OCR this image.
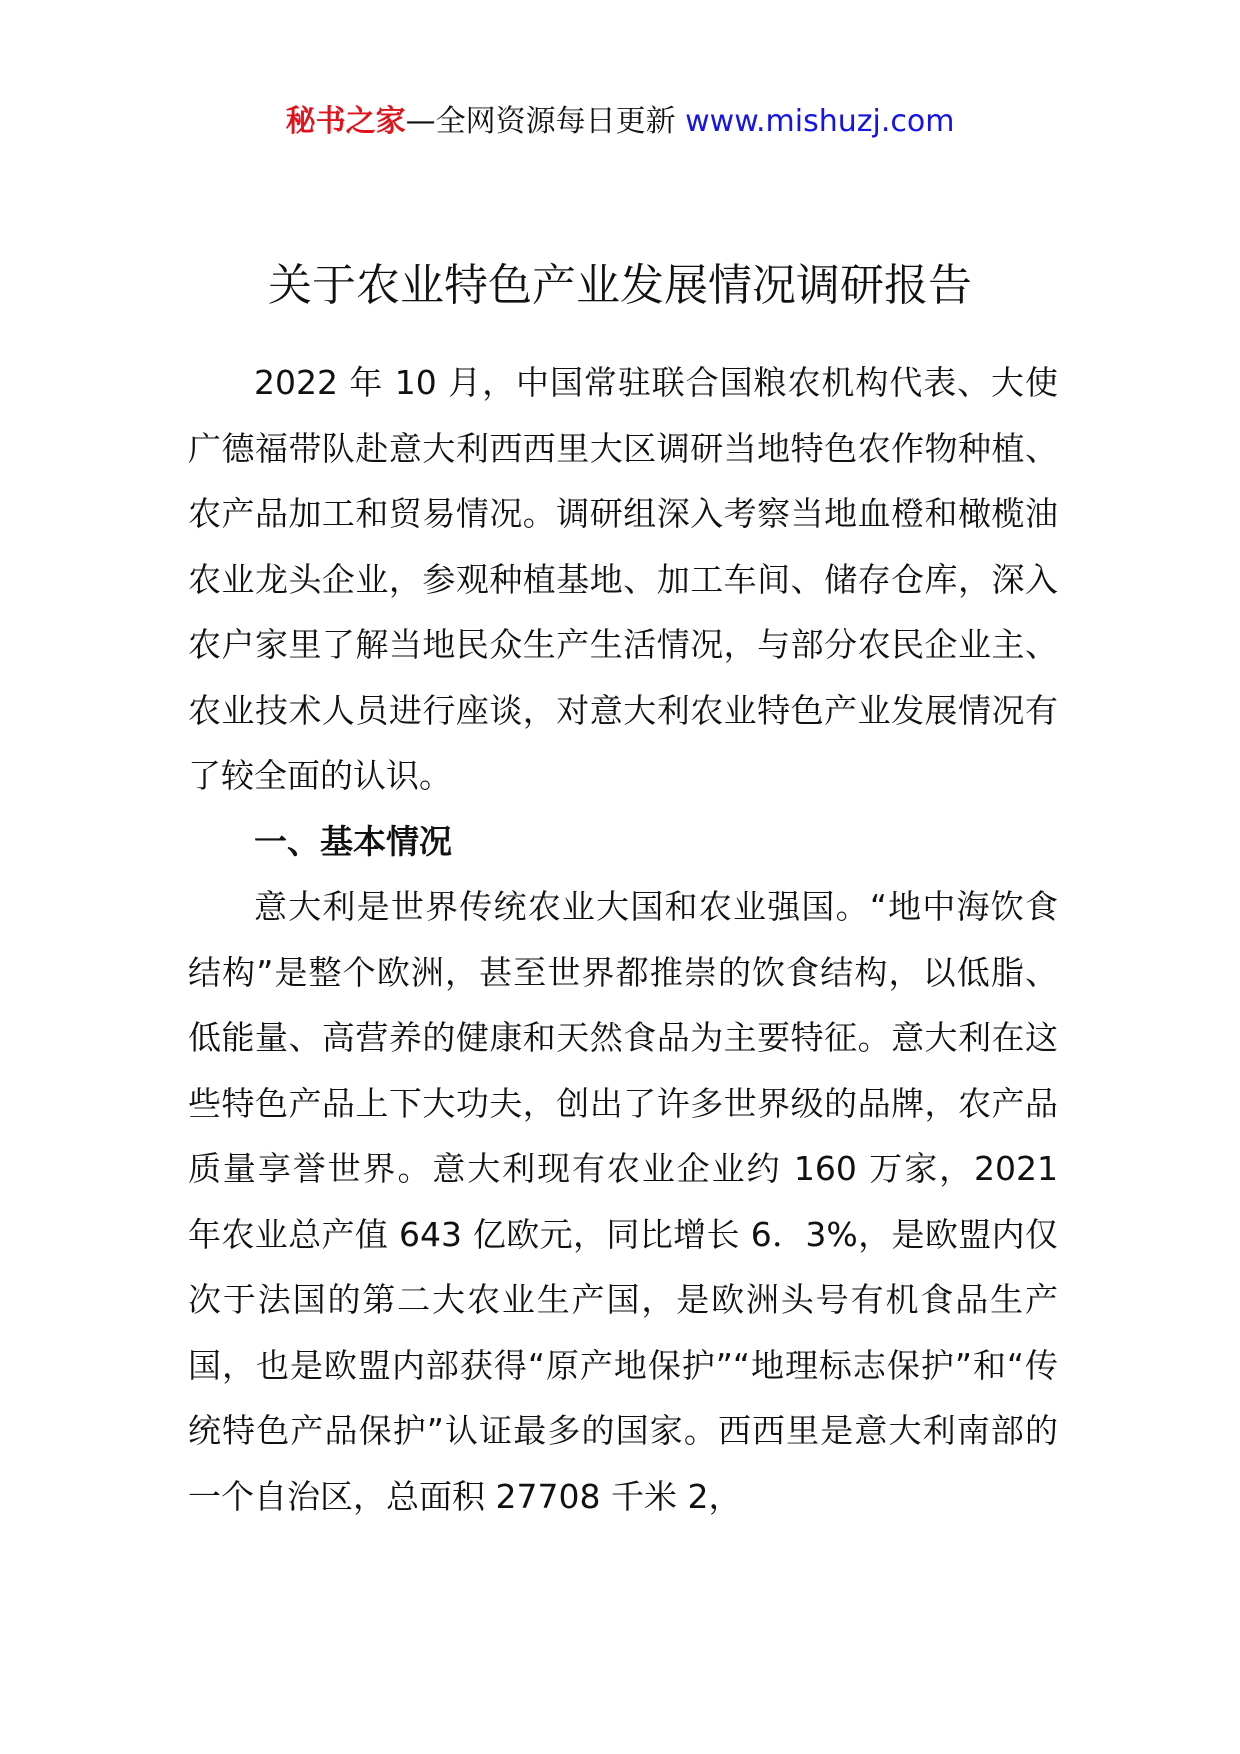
秘书之家—全网资源每日更新 www.mishuzj.com
关于农业特色产业发展情况调研报告

2022 年 10 月，中国常驻联合国粮农机构代表、大使广德福带队赴意大利西西里大区调研当地特色农作物种植、农产品加工和贸易情况。调研组深入考察当地血橙和橄榄油农业龙头企业，参观种植基地、加工车间、储存仓库，深入农户家里了解当地民众生产生活情况，与部分农民企业主、农业技术人员进行座谈，对意大利农业特色产业发展情况有了较全面的认识。

一、基本情况

意大利是世界传统农业大国和农业强国。“地中海饮食结构”是整个欧洲，甚至世界都推崇的饮食结构，以低脂、低能量、高营养的健康和天然食品为主要特征。意大利在这些特色产品上下大功夫，创出了许多世界级的品牌，农产品质量享誉世界。意大利现有农业企业约 160 万家，2021 年农业总产值 643 亿欧元，同比增长 6．3%，是欧盟内仅次于法国的第二大农业生产国，是欧洲头号有机食品生产国，也是欧盟内部获得“原产地保护”“地理标志保护”和“传统特色产品保护”认证最多的国家。西西里是意大利南部的一个自治区，总面积 27708 千米 2，
